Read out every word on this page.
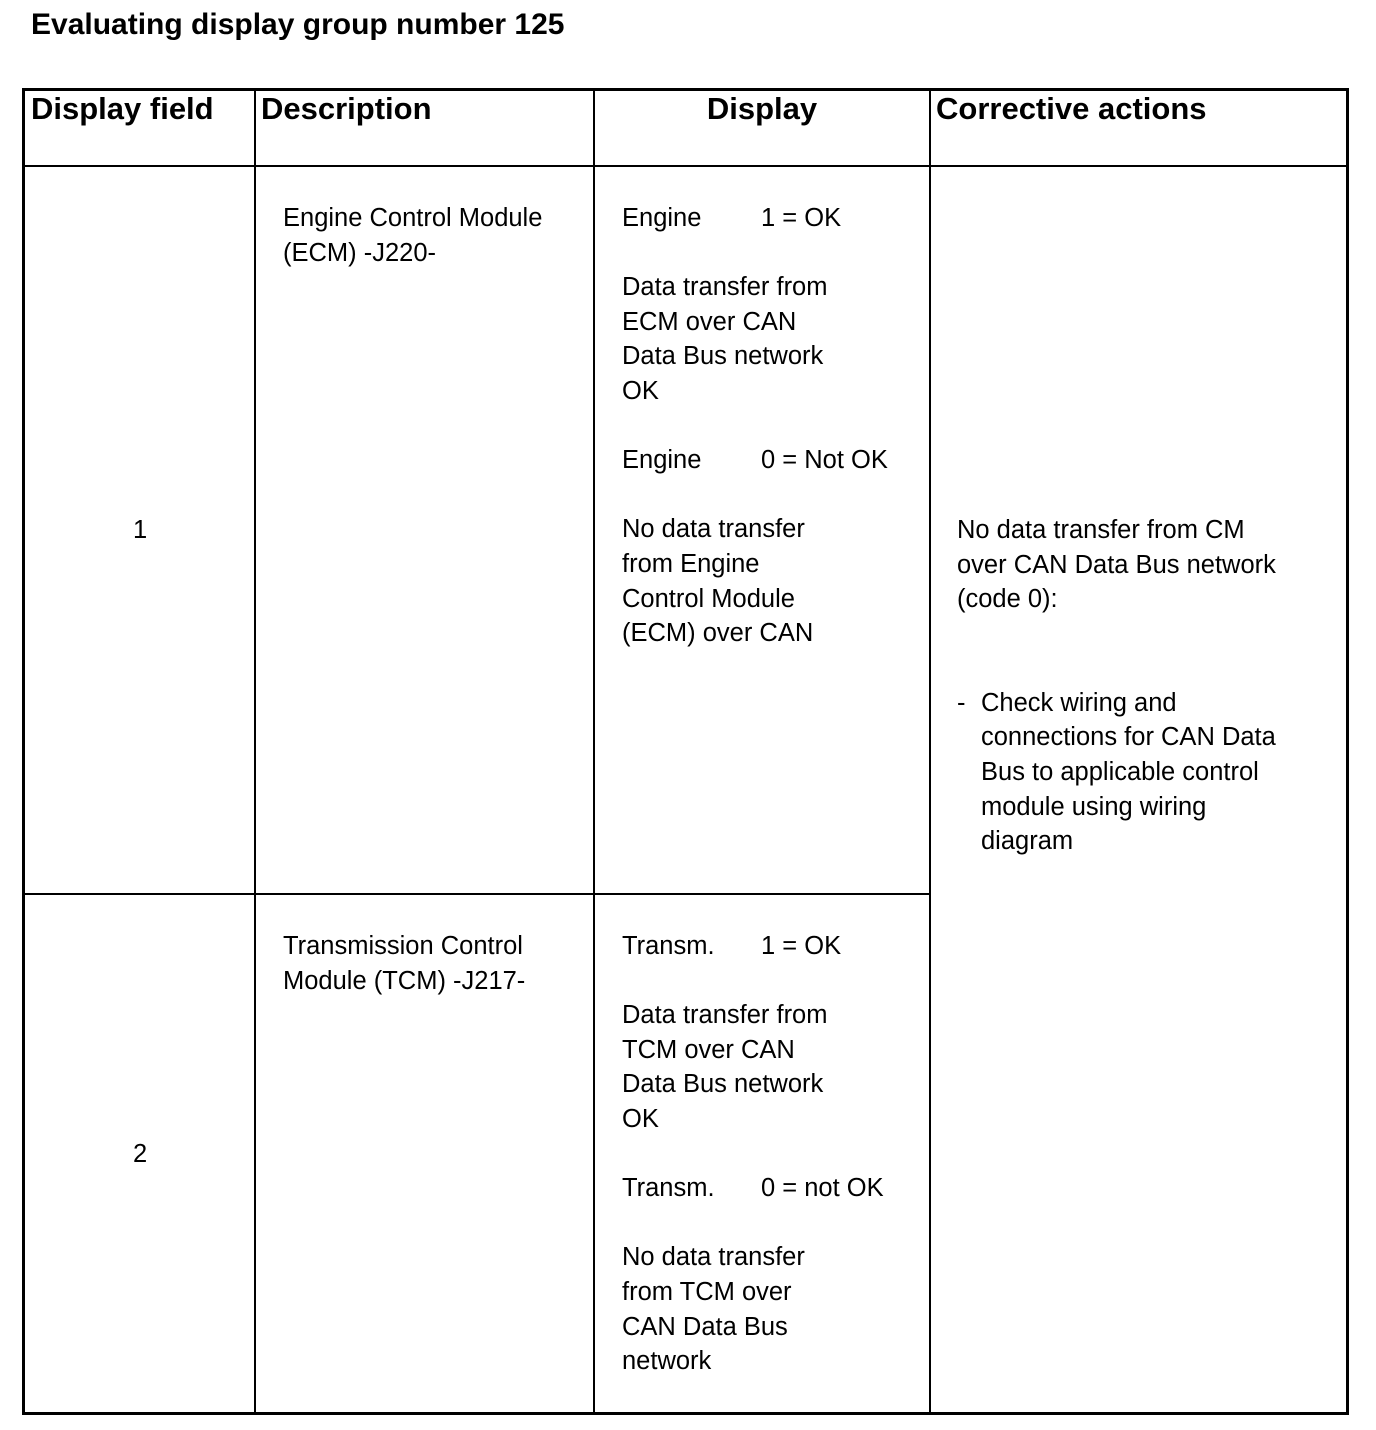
Evaluating display group number 125
Display field Description	Display	Corrective actions
1
Engine Control Module
(ECM) -J220-
Engine 1 = OK
Data transfer from
ECM over CAN
Data Bus network
OK
Engine 0 = Not OK
No data transfer
from Engine
Control Module
(ECM) over CAN
2
Transmission Control
Module (TCM) -J217-
Transm. 1 = OK
Data transfer from
TCM over CAN
Data Bus network
OK
Transm. 0 = not OK
No data transfer
from TCM over
CAN Data Bus
network
No data transfer from CM
over CAN Data Bus network
(code 0):
- Check wiring and
connections for CAN Data
Bus to applicable control
module using wiring
diagram
